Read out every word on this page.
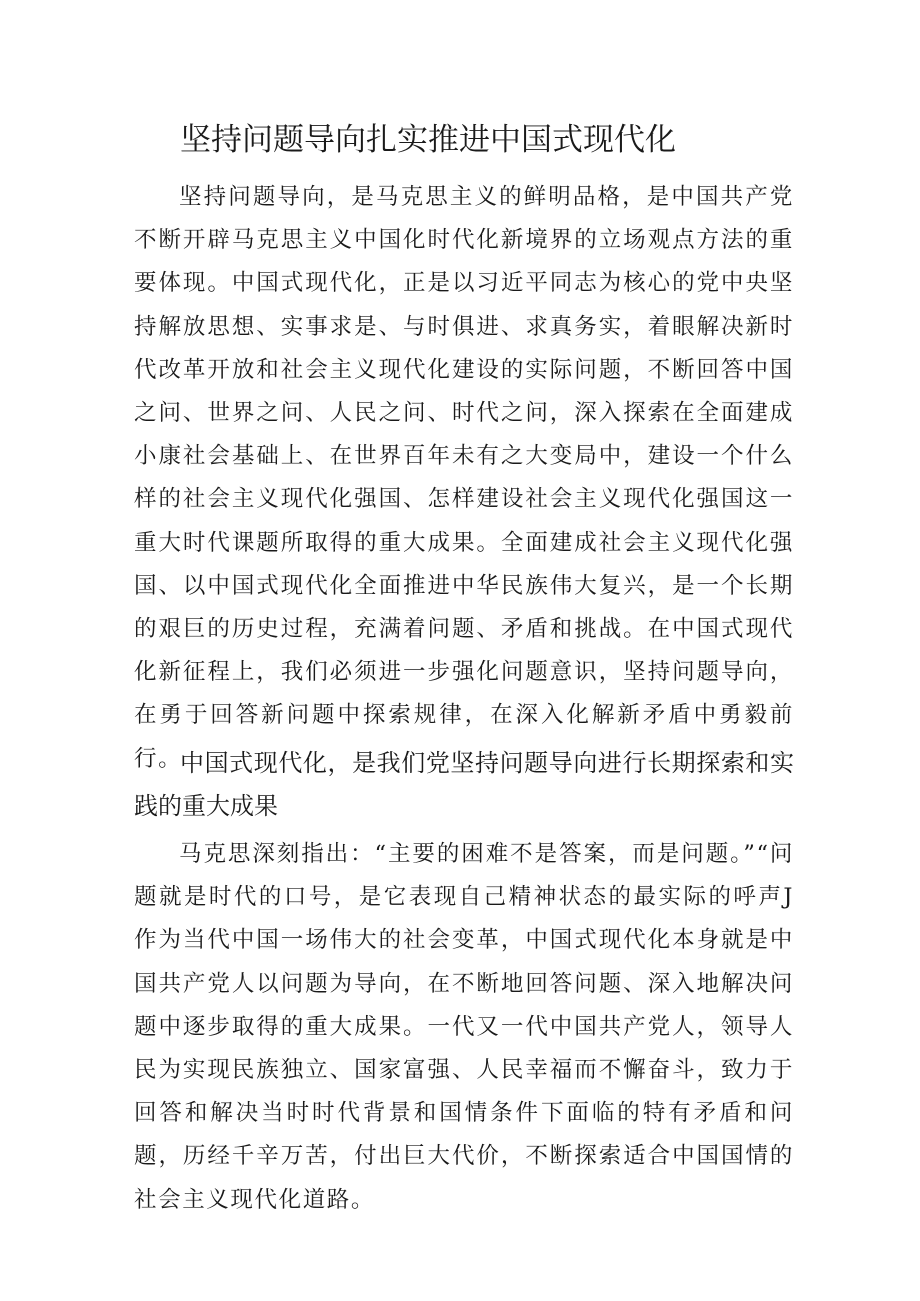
坚持问题导向扎实推进中国式现代化

坚持问题导向，是马克思主义的鲜明品格，是中国共产党不断开辟马克思主义中国化时代化新境界的立场观点方法的重要体现。中国式现代化，正是以习近平同志为核心的党中央坚持解放思想、实事求是、与时俱进、求真务实，着眼解决新时代改革开放和社会主义现代化建设的实际问题，不断回答中国之问、世界之问、人民之问、时代之问，深入探索在全面建成小康社会基础上、在世界百年未有之大变局中，建设一个什么样的社会主义现代化强国、怎样建设社会主义现代化强国这一重大时代课题所取得的重大成果。全面建成社会主义现代化强国、以中国式现代化全面推进中华民族伟大复兴，是一个长期的艰巨的历史过程，充满着问题、矛盾和挑战。在中国式现代化新征程上，我们必须进一步强化问题意识，坚持问题导向，在勇于回答新问题中探索规律，在深入化解新矛盾中勇毅前行。

中国式现代化，是我们党坚持问题导向进行长期探索和实践的重大成果

马克思深刻指出：“主要的困难不是答案，而是问题。”“问题就是时代的口号，是它表现自己精神状态的最实际的呼声J作为当代中国一场伟大的社会变革，中国式现代化本身就是中国共产党人以问题为导向，在不断地回答问题、深入地解决问题中逐步取得的重大成果。一代又一代中国共产党人，领导人民为实现民族独立、国家富强、人民幸福而不懈奋斗，致力于回答和解决当时时代背景和国情条件下面临的特有矛盾和问题，历经千辛万苦，付出巨大代价，不断探索适合中国国情的社会主义现代化道路。
